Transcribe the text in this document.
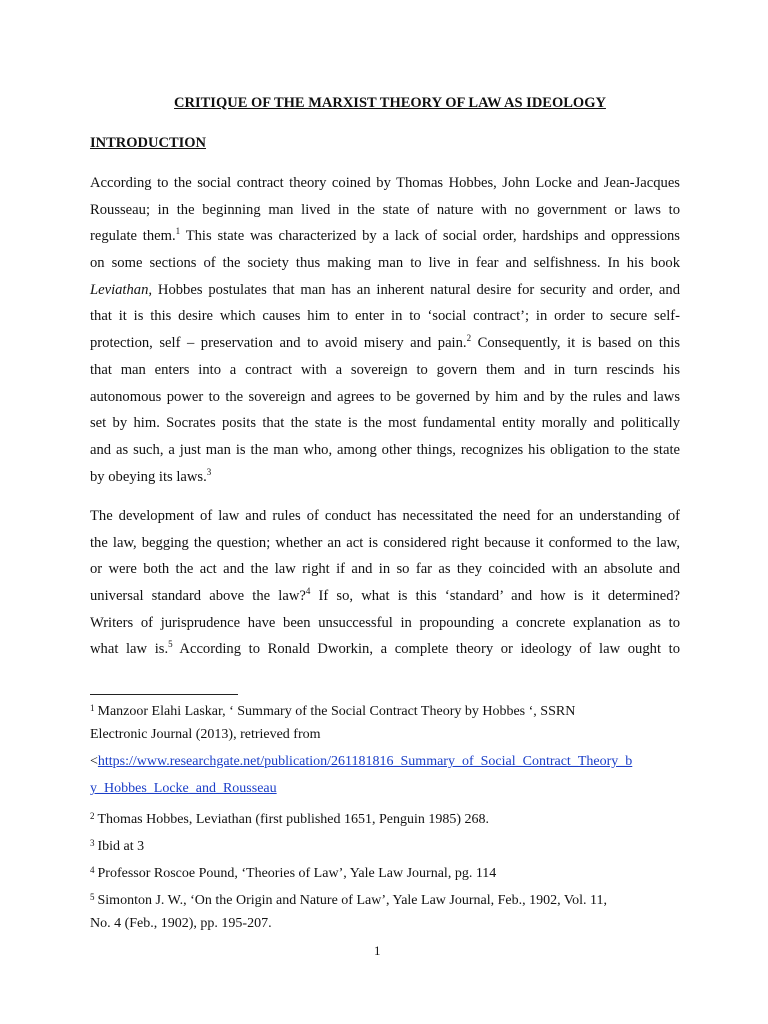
CRITIQUE OF THE MARXIST THEORY OF LAW AS IDEOLOGY
INTRODUCTION
According to the social contract theory coined by Thomas Hobbes, John Locke and Jean-Jacques
Rousseau; in the beginning man lived in the state of nature with no government or laws to
regulate them.$^1$ This state was characterized by a lack of social order, hardships and oppressions
on some sections of the society thus making man to live in fear and selfishness. In his book
Leviathan, Hobbes postulates that man has an inherent natural desire for security and order, and
that it is this desire which causes him to enter in to ‘social contract’; in order to secure self-
protection, self – preservation and to avoid misery and pain.$^2$ Consequently, it is based on this
that man enters into a contract with a sovereign to govern them and in turn rescinds his
autonomous power to the sovereign and agrees to be governed by him and by the rules and laws
set by him. Socrates posits that the state is the most fundamental entity morally and politically
and as such, a just man is the man who, among other things, recognizes his obligation to the state
by obeying its laws.$^3$
The development of law and rules of conduct has necessitated the need for an understanding of
the law, begging the question; whether an act is considered right because it conformed to the law,
or were both the act and the law right if and in so far as they coincided with an absolute and
universal standard above the law?$^4$ If so, what is this ‘standard’ and how is it determined?
Writers of jurisprudence have been unsuccessful in propounding a concrete explanation as to
what law is.$^5$ According to Ronald Dworkin, a complete theory or ideology of law ought to
$^1$ Manzoor Elahi Laskar, ‘ Summary of the Social Contract Theory by Hobbes ‘, SSRN
Electronic Journal (2013), retrieved from
<https://www.researchgate.net/publication/261181816_Summary_of_Social_Contract_Theory_b
y_Hobbes_Locke_and_Rousseau
$^2$ Thomas Hobbes, Leviathan (first published 1651, Penguin 1985) 268.
$^3$ Ibid at 3
$^4$ Professor Roscoe Pound, ‘Theories of Law’, Yale Law Journal, pg. 114
$^5$ Simonton J. W., ‘On the Origin and Nature of Law’, Yale Law Journal, Feb., 1902, Vol. 11,
No. 4 (Feb., 1902), pp. 195-207.
1
